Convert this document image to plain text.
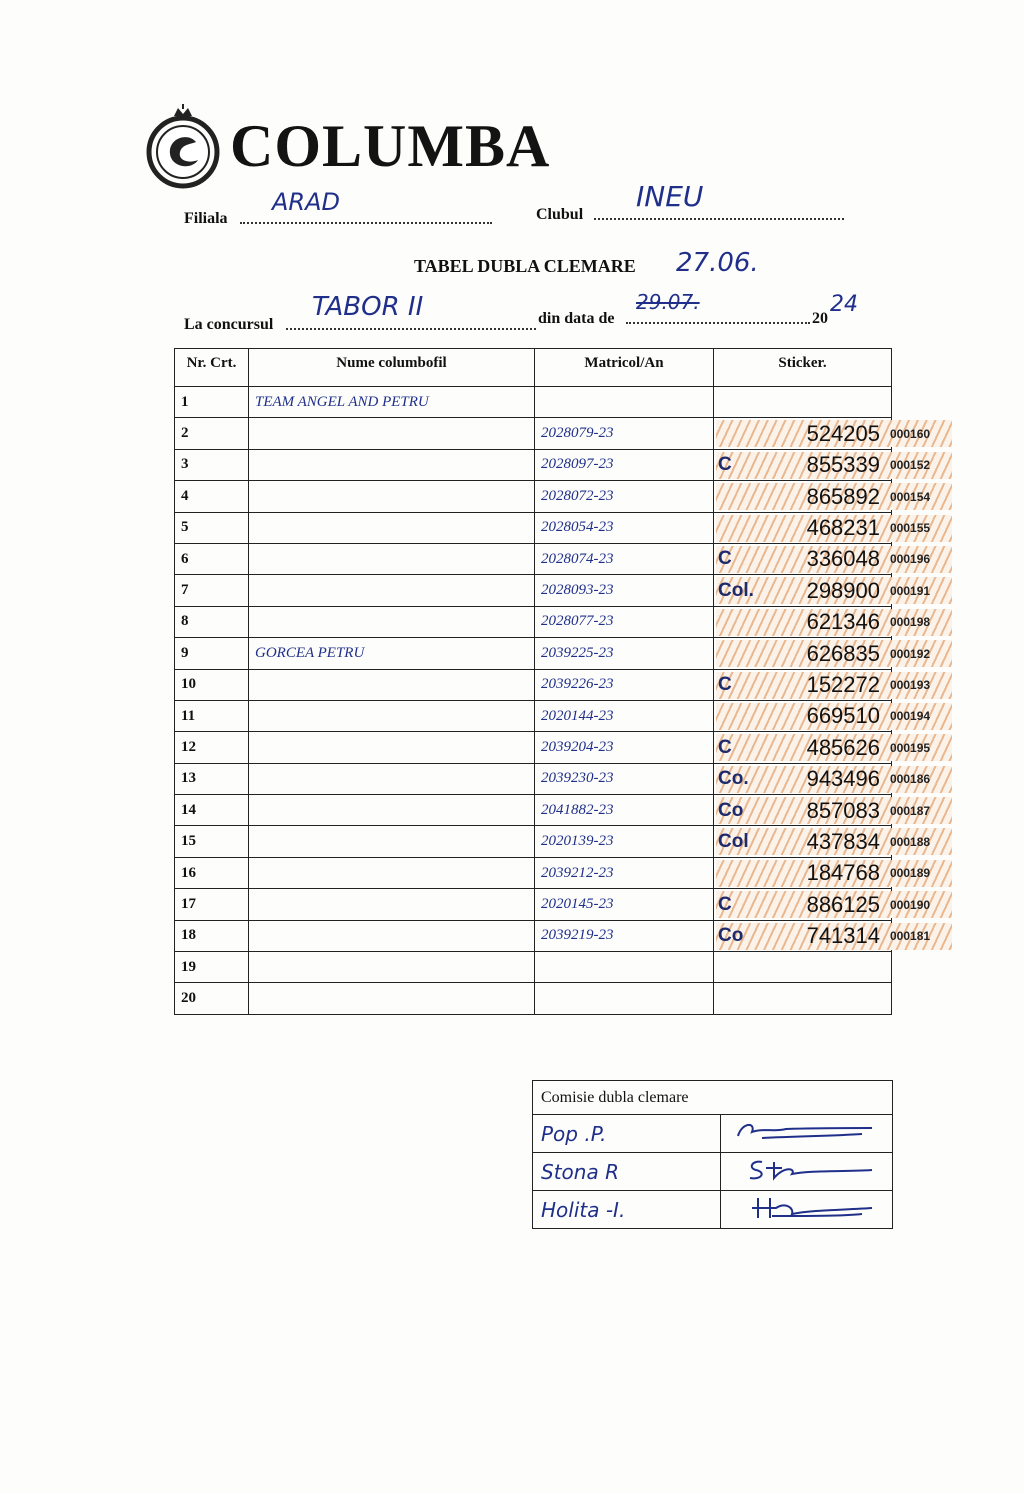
COLUMBA
Filiala
ARAD	Clubul
INEU
TABEL DUBLA CLEMARE 27.06.
La concursul
TABOR II	din data de
29.07.
20
24
Nr. Crt.	Nume columbofil	Matricol/An	Sticker.
1	TEAM ANGEL AND PETRU		
2		2028079-23	524205 000160

3		2028097-23	C 855339 000152

4		2028072-23	865892 000154

5		2028054-23	468231 000155

6		2028074-23	C 336048 000196

7		2028093-23	Col. 298900 000191

8		2028077-23	621346 000198

9	GORCEA PETRU	2039225-23	626835 000192

10		2039226-23	C 152272 000193

11		2020144-23	669510 000194

12		2039204-23	C 485626 000195

13		2039230-23	Co. 943496 000186

14		2041882-23	Co 857083 000187

15		2020139-23	Col 437834 000188

16		2039212-23	184768 000189

17		2020145-23	C 886125 000190

18		2039219-23	Co 741314 000181

19			
20			
Comisie dubla clemare	
Pop .P.	
Stona R	
Holita -I.	
